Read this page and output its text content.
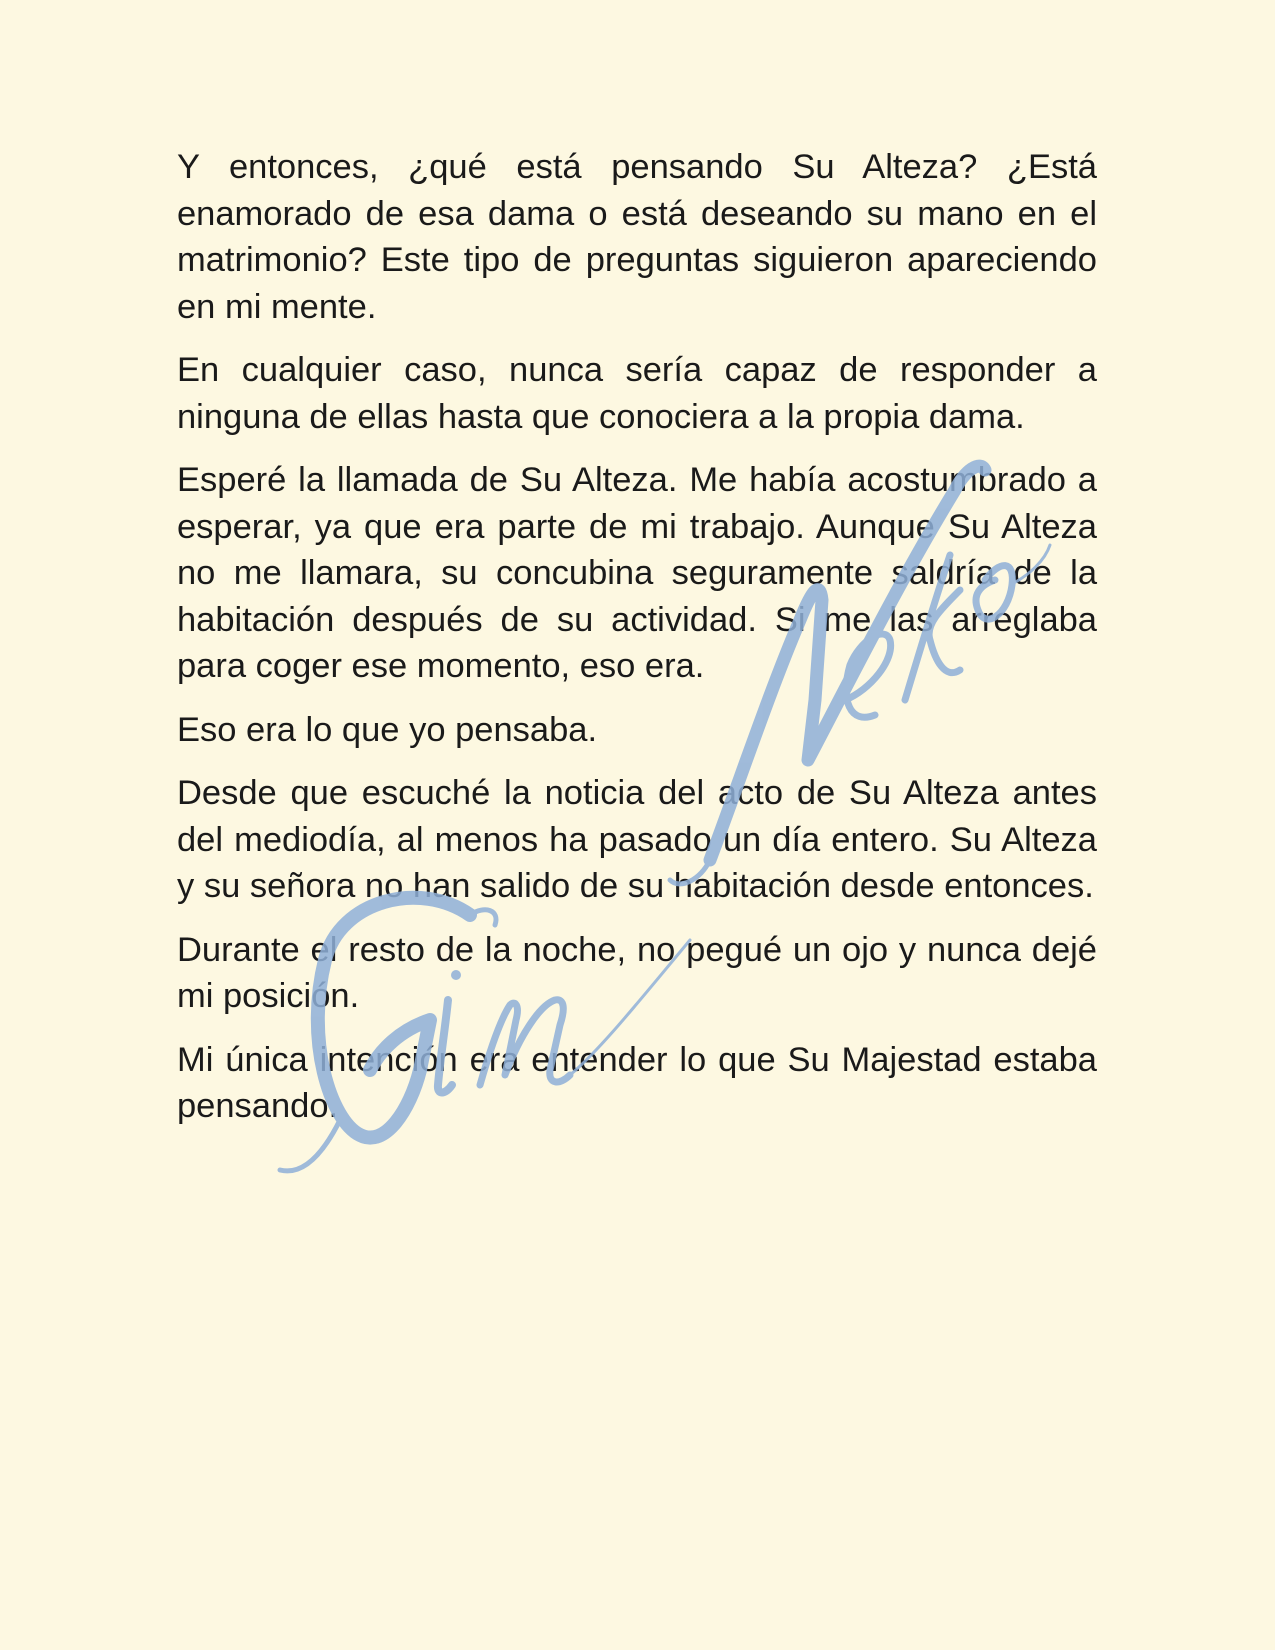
Y entonces, ¿qué está pensando Su Alteza? ¿Está enamorado de esa dama o está deseando su mano en el matrimonio? Este tipo de preguntas siguieron apareciendo en mi mente.

En cualquier caso, nunca sería capaz de responder a ninguna de ellas hasta que conociera a la propia dama.

Esperé la llamada de Su Alteza. Me había acostumbrado a esperar, ya que era parte de mi trabajo. Aunque Su Alteza no me llamara, su concubina seguramente saldría de la habitación después de su actividad. Si me las arreglaba para coger ese momento, eso era.

Eso era lo que yo pensaba.

Desde que escuché la noticia del acto de Su Alteza antes del mediodía, al menos ha pasado un día entero. Su Alteza y su señora no han salido de su habitación desde entonces.

Durante el resto de la noche, no pegué un ojo y nunca dejé mi posición.

Mi única intención era entender lo que Su Majestad estaba pensando.
